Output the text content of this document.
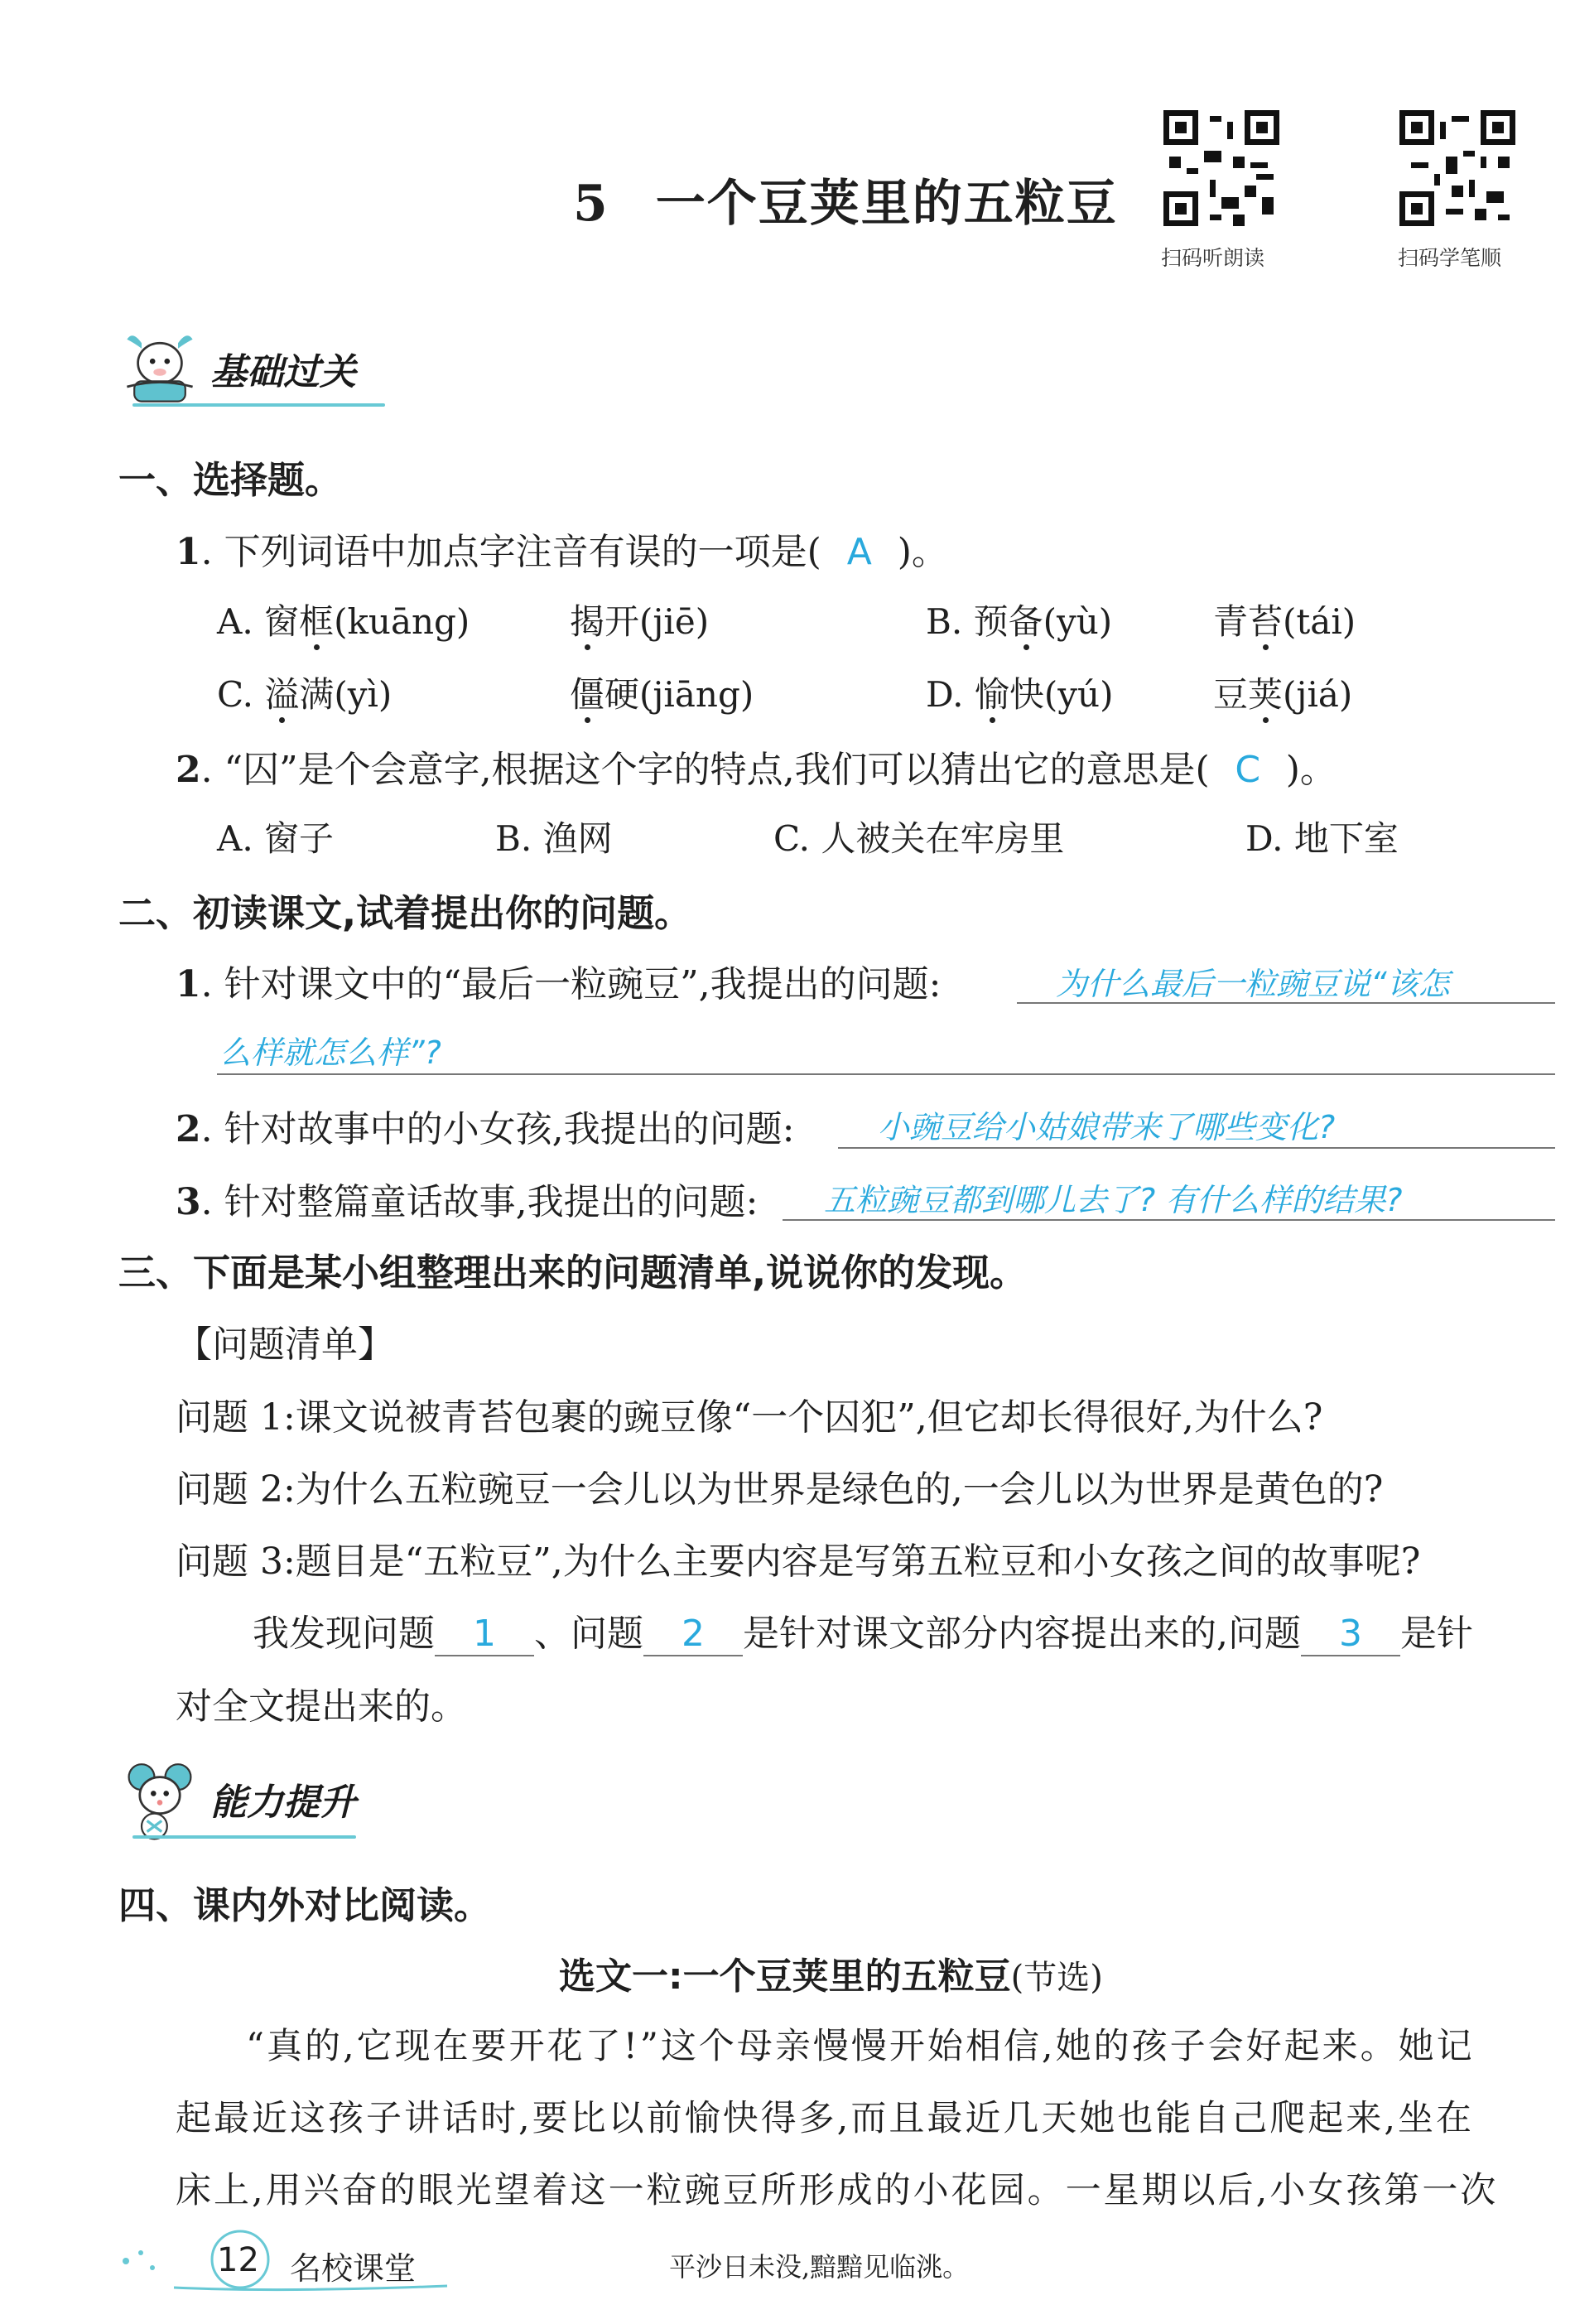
5 一个豆荚里的五粒豆
扫码听朗读	扫码学笔顺
基础过关
一、选择题。
1. 下列词语中加点字注音有误的一项是( A )。
A. 窗框(kuāng)	揭开(jiē)	B. 预备(yù)	青苔(tái)
C. 溢满(yì)	僵硬(jiāng)	D. 愉快(yú)	豆荚(jiá)
2. “囚”是个会意字,根据这个字的特点,我们可以猜出它的意思是( C )。
A. 窗子	B. 渔网	C. 人被关在牢房里	D. 地下室
二、初读课文,试着提出你的问题。
1. 针对课文中的“最后一粒豌豆”,我提出的问题:	为什么最后一粒豌豆说“该怎
么样就怎么样”?
2. 针对故事中的小女孩,我提出的问题:	小豌豆给小姑娘带来了哪些变化?
3. 针对整篇童话故事,我提出的问题: 五粒豌豆都到哪儿去了? 有什么样的结果?
三、下面是某小组整理出来的问题清单,说说你的发现。
【问题清单】
问题 1:课文说被青苔包裹的豌豆像“一个囚犯”,但它却长得很好,为什么?
问题 2:为什么五粒豌豆一会儿以为世界是绿色的,一会儿以为世界是黄色的?
问题 3:题目是“五粒豆”,为什么主要内容是写第五粒豆和小女孩之间的故事呢?
我发现问题 1 、问题 2 是针对课文部分内容提出来的,问题 3 是针
对全文提出来的。
能力提升
四、课内外对比阅读。
选文一:一个豆荚里的五粒豆(节选)
“真的,它现在要开花了!”这个母亲慢慢开始相信,她的孩子会好起来。她记
起最近这孩子讲话时,要比以前愉快得多,而且最近几天她也能自己爬起来,坐在
床上,用兴奋的眼光望着这一粒豌豆所形成的小花园。一星期以后,小女孩第一次
12 名校课堂	平沙日未没,黯黯见临洮。
